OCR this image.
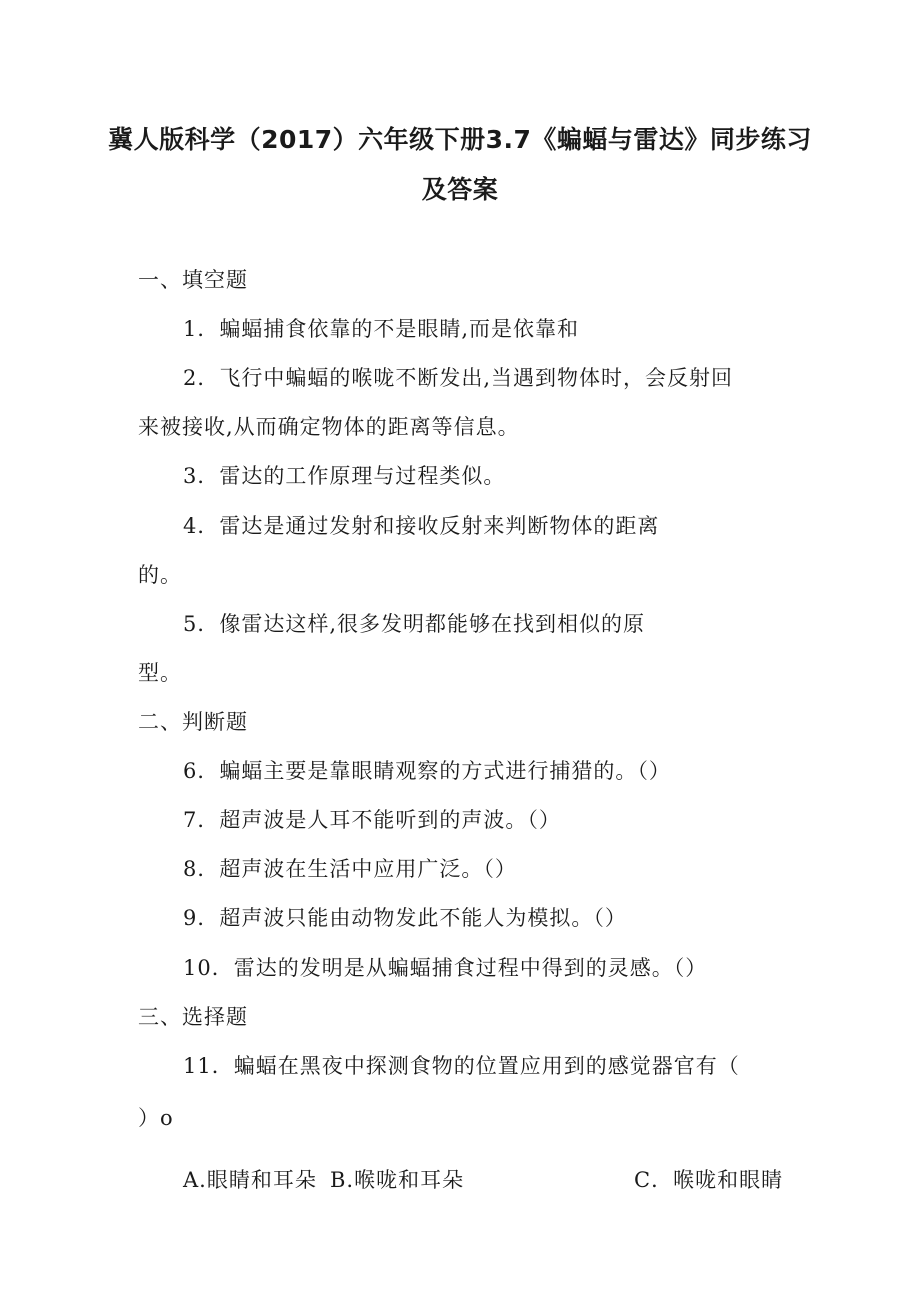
冀人版科学（2017）六年级下册3.7《蝙蝠与雷达》同步练习
及答案
一、填空题
1．蝙蝠捕食依靠的不是眼睛,而是依靠和
2．飞行中蝙蝠的喉咙不断发出,当遇到物体时，会反射回
来被接收,从而确定物体的距离等信息。
3．雷达的工作原理与过程类似。
4．雷达是通过发射和接收反射来判断物体的距离
的。
5．像雷达这样,很多发明都能够在找到相似的原
型。
二、判断题
6．蝙蝠主要是靠眼睛观察的方式进行捕猎的。（）
7．超声波是人耳不能听到的声波。（）
8．超声波在生活中应用广泛。（）
9．超声波只能由动物发此不能人为模拟。（）
10．雷达的发明是从蝙蝠捕食过程中得到的灵感。（）
三、选择题
11．蝙蝠在黑夜中探测食物的位置应用到的感觉器官有（
）o
A.眼睛和耳朵 B.喉咙和耳朵	C．喉咙和眼睛
